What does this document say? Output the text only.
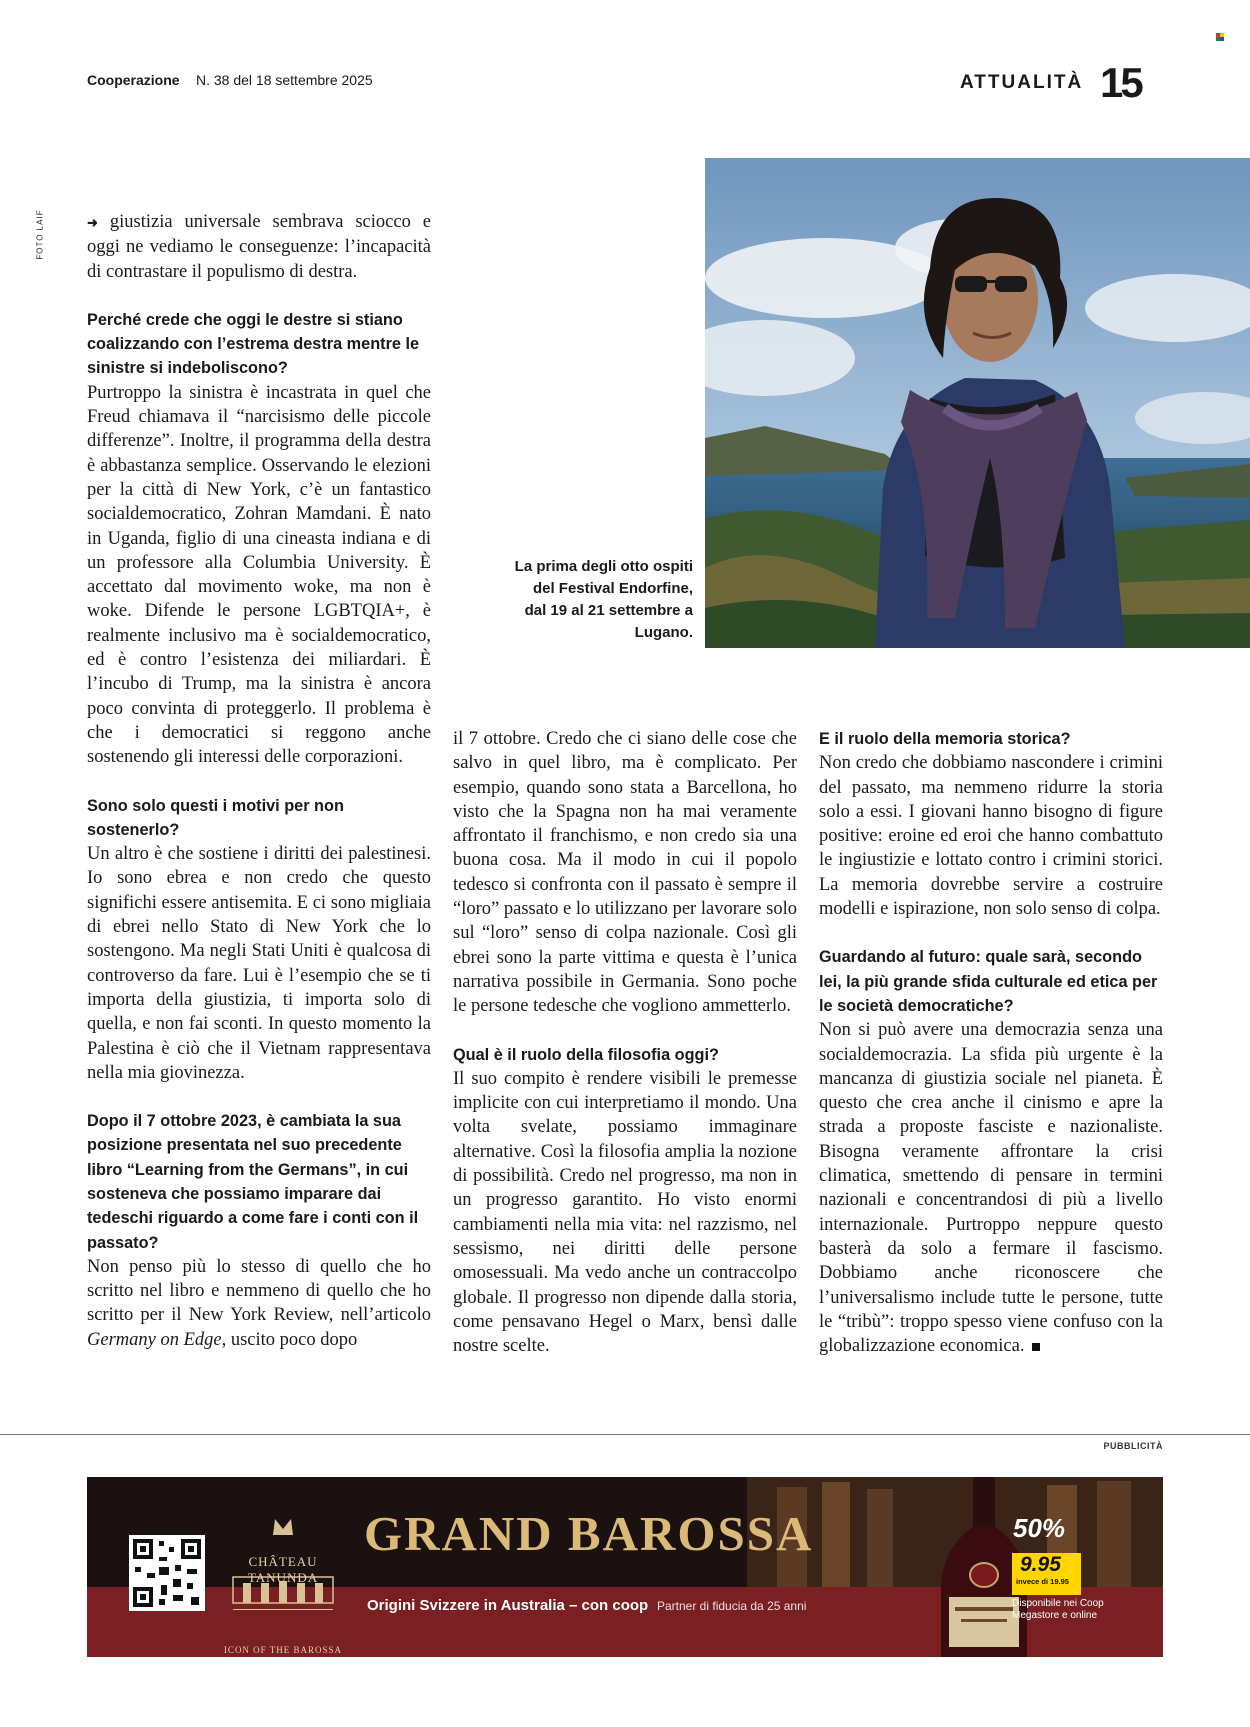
Cooperazione N. 38 del 18 settembre 2025	ATTUALITÀ 15
FOTO LAIF
La prima degli otto ospiti del Festival Endorfine, dal 19 al 21 settembre a Lugano.

➜ giustizia universale sembrava sciocco e oggi ne vediamo le conseguenze: l’incapacità di contrastare il populismo di destra.

Perché crede che oggi le destre si stiano coalizzando con l’estrema destra mentre le sinistre si indeboliscono?

Purtroppo la sinistra è incastrata in quel che Freud chiamava il “narcisismo delle piccole differenze”. Inoltre, il programma della destra è abbastanza semplice. Osservando le elezioni per la città di New York, c’è un fantastico socialdemocratico, Zohran Mamdani. È nato in Uganda, figlio di una cineasta indiana e di un professore alla Columbia University. È accettato dal movimento woke, ma non è woke. Difende le persone LGBTQIA+, è realmente inclusivo ma è socialdemocratico, ed è contro l’esistenza dei miliardari. È l’incubo di Trump, ma la sinistra è ancora poco convinta di proteggerlo. Il problema è che i democratici si reggono anche sostenendo gli interessi delle corporazioni.

Sono solo questi i motivi per non sostenerlo?

Un altro è che sostiene i diritti dei palestinesi. Io sono ebrea e non credo che questo significhi essere antisemita. E ci sono migliaia di ebrei nello Stato di New York che lo sostengono. Ma negli Stati Uniti è qualcosa di controverso da fare. Lui è l’esempio che se ti importa della giustizia, ti importa solo di quella, e non fai sconti. In questo momento la Palestina è ciò che il Vietnam rappresentava nella mia giovinezza.

Dopo il 7 ottobre 2023, è cambiata la sua posizione presentata nel suo precedente libro “Learning from the Germans”, in cui sosteneva che possiamo imparare dai tedeschi riguardo a come fare i conti con il passato?

Non penso più lo stesso di quello che ho scritto nel libro e nemmeno di quello che ho scritto per il New York Review, nell’articolo Germany on Edge, uscito poco dopo

il 7 ottobre. Credo che ci siano delle cose che salvo in quel libro, ma è complicato. Per esempio, quando sono stata a Barcellona, ho visto che la Spagna non ha mai veramente affrontato il franchismo, e non credo sia una buona cosa. Ma il modo in cui il popolo tedesco si confronta con il passato è sempre il “loro” passato e lo utilizzano per lavorare solo sul “loro” senso di colpa nazionale. Così gli ebrei sono la parte vittima e questa è l’unica narrativa possibile in Germania. Sono poche le persone tedesche che vogliono ammetterlo.

Qual è il ruolo della filosofia oggi?

Il suo compito è rendere visibili le premesse implicite con cui interpretiamo il mondo. Una volta svelate, possiamo immaginare alternative. Così la filosofia amplia la nozione di possibilità. Credo nel progresso, ma non in un progresso garantito. Ho visto enormi cambiamenti nella mia vita: nel razzismo, nel sessismo, nei diritti delle persone omosessuali. Ma vedo anche un contraccolpo globale. Il progresso non dipende dalla storia, come pensavano Hegel o Marx, bensì dalle nostre scelte.

E il ruolo della memoria storica?

Non credo che dobbiamo nascondere i crimini del passato, ma nemmeno ridurre la storia solo a essi. I giovani hanno bisogno di figure positive: eroine ed eroi che hanno combattuto le ingiustizie e lottato contro i crimini storici. La memoria dovrebbe servire a costruire modelli e ispirazione, non solo senso di colpa.

Guardando al futuro: quale sarà, secondo lei, la più grande sfida culturale ed etica per le società democratiche?

Non si può avere una democrazia senza una socialdemocrazia. La sfida più urgente è la mancanza di giustizia sociale nel pianeta. È questo che crea anche il cinismo e apre la strada a proposte fasciste e nazionaliste. Bisogna veramente affrontare la crisi climatica, smettendo di pensare in termini nazionali e concentrandosi di più a livello internazionale. Purtroppo neppure questo basterà da solo a fermare il fascismo. Dobbiamo anche riconoscere che l’universalismo include tutte le persone, tutte le “tribù”: troppo spesso viene confuso con la globalizzazione economica.

PUBBLICITÀ
CHÂTEAU TANUNDA
ICON OF THE BAROSSA
GRAND BAROSSA
Origini Svizzere in Australia – con coop Partner di fiducia da 25 anni
50%
9.95
invece di 19.95
Disponibile nei Coop Megastore e online
